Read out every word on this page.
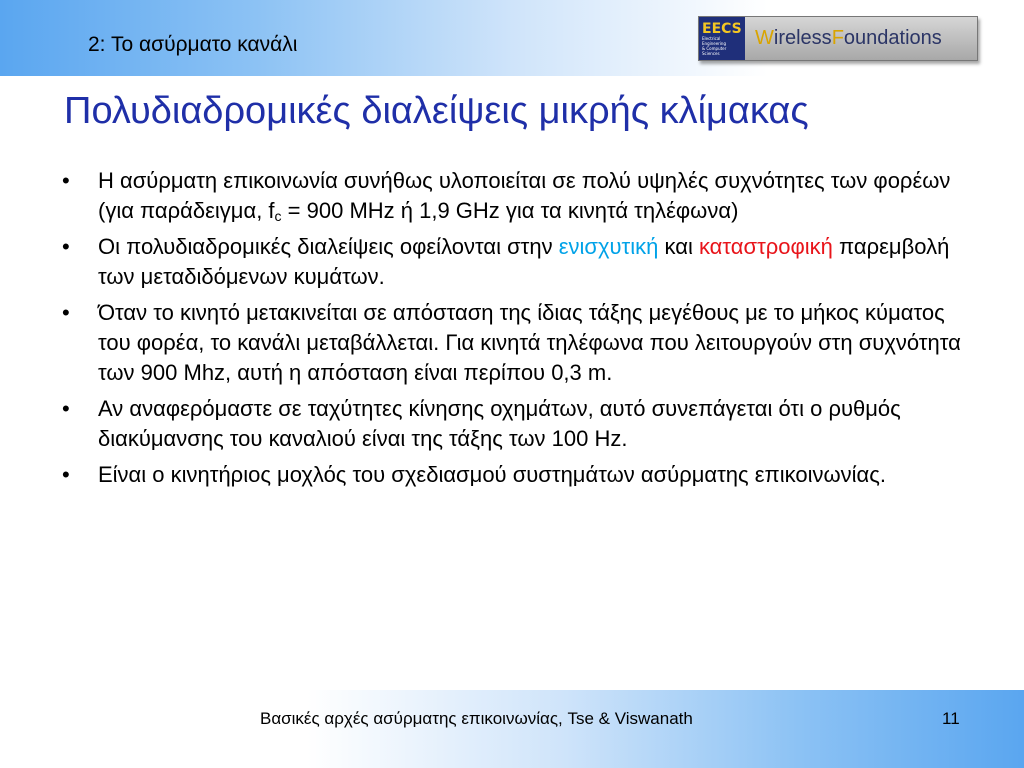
2: Το ασύρματο κανάλι
EECS
Electrical Engineering
& Computer Sciences
W ireless F oundations
Πολυδιαδρομικές διαλείψεις μικρής κλίμακας
• Η ασύρματη επικοινωνία συνήθως υλοποιείται σε πολύ υψηλές συχνότητες των φορέων (για παράδειγμα, $f_c = 900$ MHz ή 1,9 GHz για τα κινητά τηλέφωνα)
• Οι πολυδιαδρομικές διαλείψεις οφείλονται στην ενισχυτική και καταστροφική παρεμβολή των μεταδιδόμενων κυμάτων.
• Όταν το κινητό μετακινείται σε απόσταση της ίδιας τάξης μεγέθους με το μήκος κύματος του φορέα, το κανάλι μεταβάλλεται. Για κινητά τηλέφωνα που λειτουργούν στη συχνότητα των 900 Mhz, αυτή η απόσταση είναι περίπου 0,3 m.
• Αν αναφερόμαστε σε ταχύτητες κίνησης οχημάτων, αυτό συνεπάγεται ότι ο ρυθμός διακύμανσης του καναλιού είναι της τάξης των 100 Hz.
• Είναι ο κινητήριος μοχλός του σχεδιασμού συστημάτων ασύρματης επικοινωνίας.
Βασικές αρχές ασύρματης επικοινωνίας, Tse & Viswanath	11
